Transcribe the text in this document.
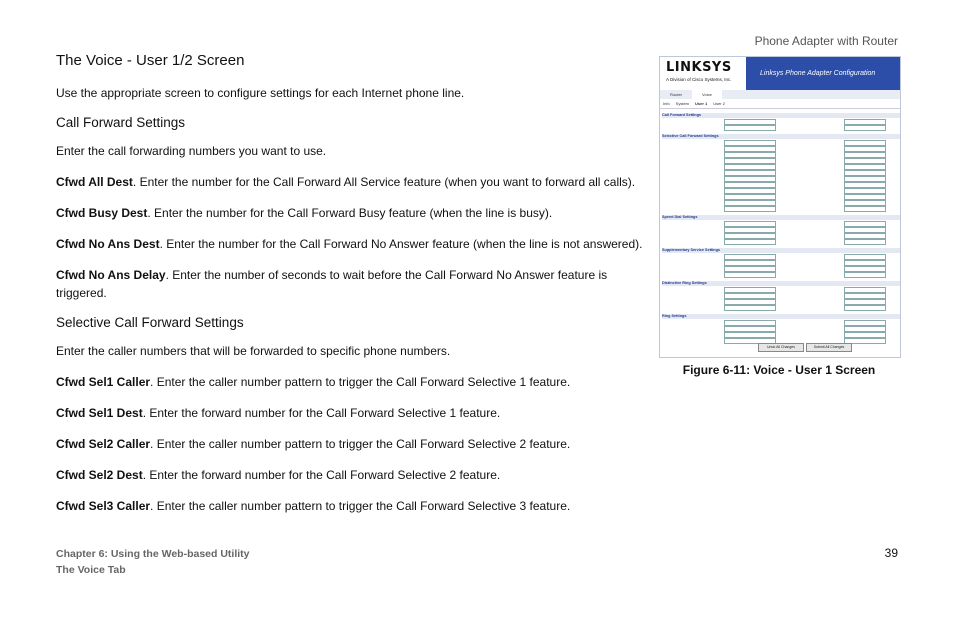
Phone Adapter with Router
The Voice - User 1/2 Screen

Use the appropriate screen to configure settings for each Internet phone line.

Call Forward Settings

Enter the call forwarding numbers you want to use.

Cfwd All Dest. Enter the number for the Call Forward All Service feature (when you want to forward all calls).

Cfwd Busy Dest. Enter the number for the Call Forward Busy feature (when the line is busy).

Cfwd No Ans Dest. Enter the number for the Call Forward No Answer feature (when the line is not answered).

Cfwd No Ans Delay. Enter the number of seconds to wait before the Call Forward No Answer feature is triggered.

Selective Call Forward Settings

Enter the caller numbers that will be forwarded to specific phone numbers.

Cfwd Sel1 Caller. Enter the caller number pattern to trigger the Call Forward Selective 1 feature.

Cfwd Sel1 Dest. Enter the forward number for the Call Forward Selective 1 feature.

Cfwd Sel2 Caller. Enter the caller number pattern to trigger the Call Forward Selective 2 feature.

Cfwd Sel2 Dest. Enter the forward number for the Call Forward Selective 2 feature.

Cfwd Sel3 Caller. Enter the caller number pattern to trigger the Call Forward Selective 3 feature.

LINKSYS
A Division of Cisco Systems, Inc.
Linksys Phone Adapter Configuration
Router	Voice
Info System User 1 User 2
Call Forward Settings
Selective Call Forward Settings
Speed Dial Settings
Supplementary Service Settings
Distinctive Ring Settings
Ring Settings
Undo All Changes	Submit All Changes
Figure 6-11: Voice - User 1 Screen
Chapter 6: Using the Web-based Utility
The Voice Tab
39
